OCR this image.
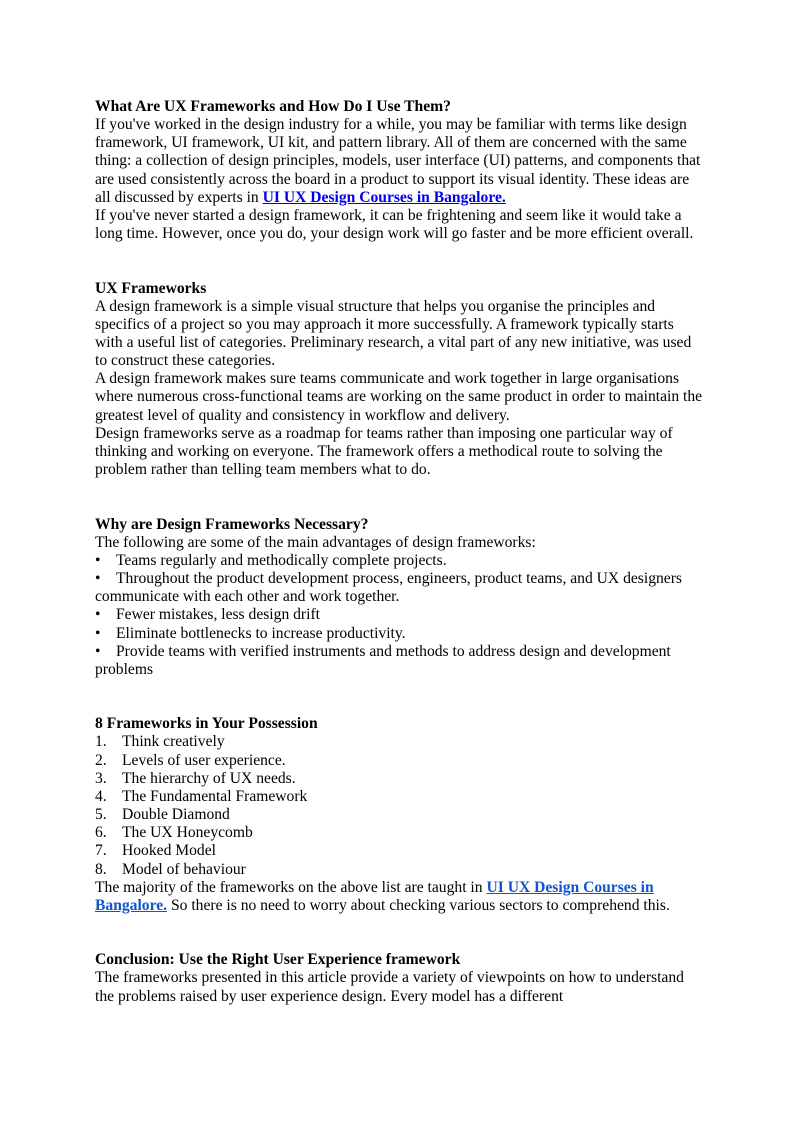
What Are UX Frameworks and How Do I Use Them?

If you've worked in the design industry for a while, you may be familiar with terms like design framework, UI framework, UI kit, and pattern library. All of them are concerned with the same thing: a collection of design principles, models, user interface (UI) patterns, and components that are used consistently across the board in a product to support its visual identity. These ideas are all discussed by experts in UI UX Design Courses in Bangalore.

If you've never started a design framework, it can be frightening and seem like it would take a long time. However, once you do, your design work will go faster and be more efficient overall.

UX Frameworks

A design framework is a simple visual structure that helps you organise the principles and specifics of a project so you may approach it more successfully. A framework typically starts with a useful list of categories. Preliminary research, a vital part of any new initiative, was used to construct these categories.

A design framework makes sure teams communicate and work together in large organisations where numerous cross-functional teams are working on the same product in order to maintain the greatest level of quality and consistency in workflow and delivery.

Design frameworks serve as a roadmap for teams rather than imposing one particular way of thinking and working on everyone. The framework offers a methodical route to solving the problem rather than telling team members what to do.

Why are Design Frameworks Necessary?

The following are some of the main advantages of design frameworks:

• Teams regularly and methodically complete projects.

• Throughout the product development process, engineers, product teams, and UX designers communicate with each other and work together.

• Fewer mistakes, less design drift

• Eliminate bottlenecks to increase productivity.

• Provide teams with verified instruments and methods to address design and development problems

8 Frameworks in Your Possession

1. Think creatively

2. Levels of user experience.

3. The hierarchy of UX needs.

4. The Fundamental Framework

5. Double Diamond

6. The UX Honeycomb

7. Hooked Model

8. Model of behaviour

The majority of the frameworks on the above list are taught in UI UX Design Courses in Bangalore. So there is no need to worry about checking various sectors to comprehend this.

Conclusion: Use the Right User Experience framework

The frameworks presented in this article provide a variety of viewpoints on how to understand the problems raised by user experience design. Every model has a different
